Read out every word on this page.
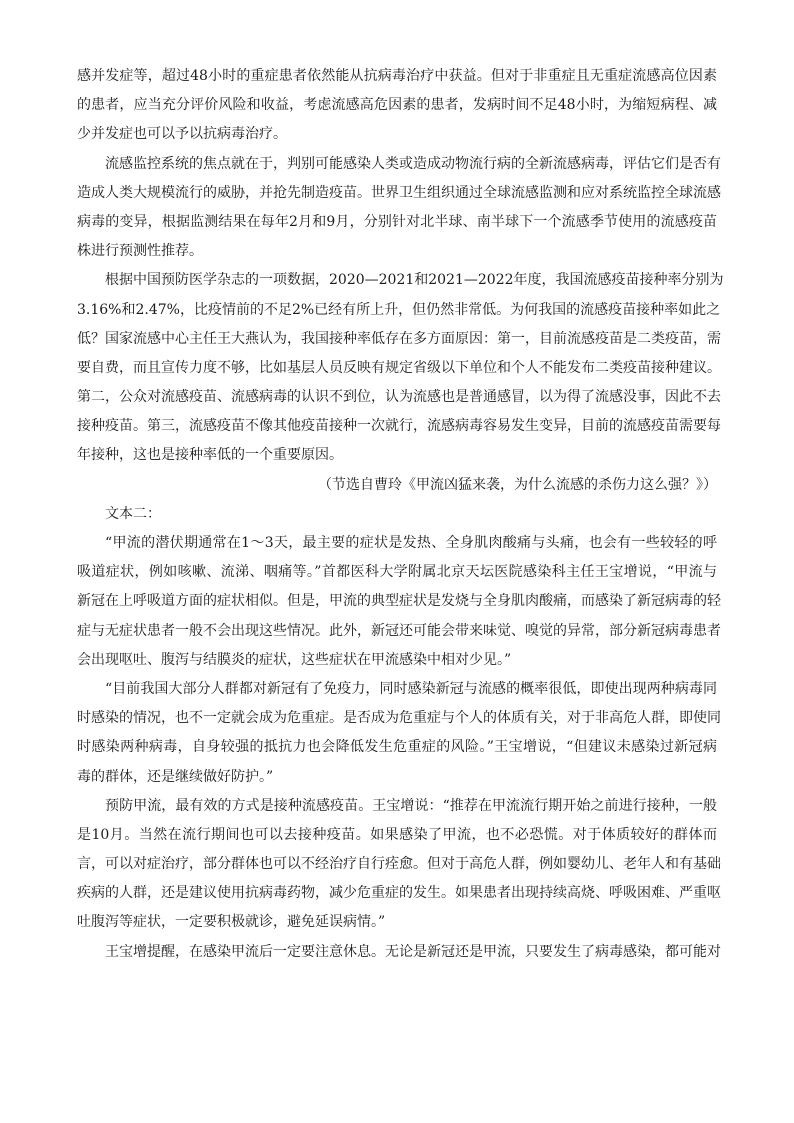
感并发症等，超过48小时的重症患者依然能从抗病毒治疗中获益。但对于非重症且无重症流感高位因素
的患者，应当充分评价风险和收益，考虑流感高危因素的患者，发病时间不足48小时，为缩短病程、减
少并发症也可以予以抗病毒治疗。
流感监控系统的焦点就在于，判别可能感染人类或造成动物流行病的全新流感病毒，评估它们是否有
造成人类大规模流行的威胁，并抢先制造疫苗。世界卫生组织通过全球流感监测和应对系统监控全球流感
病毒的变异，根据监测结果在每年2月和9月，分别针对北半球、南半球下一个流感季节使用的流感疫苗
株进行预测性推荐。
根据中国预防医学杂志的一项数据，2020—2021和2021—2022年度，我国流感疫苗接种率分别为
3.16%和2.47%，比疫情前的不足2%已经有所上升，但仍然非常低。为何我国的流感疫苗接种率如此之
低？国家流感中心主任王大燕认为，我国接种率低存在多方面原因：第一，目前流感疫苗是二类疫苗，需
要自费，而且宣传力度不够，比如基层人员反映有规定省级以下单位和个人不能发布二类疫苗接种建议。
第二，公众对流感疫苗、流感病毒的认识不到位，认为流感也是普通感冒，以为得了流感没事，因此不去
接种疫苗。第三，流感疫苗不像其他疫苗接种一次就行，流感病毒容易发生变异，目前的流感疫苗需要每
年接种，这也是接种率低的一个重要原因。
（节选自曹玲《甲流凶猛来袭，为什么流感的杀伤力这么强？》）
文本二：
“甲流的潜伏期通常在1～3天，最主要的症状是发热、全身肌肉酸痛与头痛，也会有一些较轻的呼
吸道症状，例如咳嗽、流涕、咽痛等。”首都医科大学附属北京天坛医院感染科主任王宝增说，“甲流与
新冠在上呼吸道方面的症状相似。但是，甲流的典型症状是发烧与全身肌肉酸痛，而感染了新冠病毒的轻
症与无症状患者一般不会出现这些情况。此外，新冠还可能会带来味觉、嗅觉的异常，部分新冠病毒患者
会出现呕吐、腹泻与结膜炎的症状，这些症状在甲流感染中相对少见。”
“目前我国大部分人群都对新冠有了免疫力，同时感染新冠与流感的概率很低，即使出现两种病毒同
时感染的情况，也不一定就会成为危重症。是否成为危重症与个人的体质有关，对于非高危人群，即使同
时感染两种病毒，自身较强的抵抗力也会降低发生危重症的风险。”王宝增说，“但建议未感染过新冠病
毒的群体，还是继续做好防护。”
预防甲流，最有效的方式是接种流感疫苗。王宝增说：“推荐在甲流流行期开始之前进行接种，一般
是10月。当然在流行期间也可以去接种疫苗。如果感染了甲流，也不必恐慌。对于体质较好的群体而
言，可以对症治疗，部分群体也可以不经治疗自行痊愈。但对于高危人群，例如婴幼儿、老年人和有基础
疾病的人群，还是建议使用抗病毒药物，减少危重症的发生。如果患者出现持续高烧、呼吸困难、严重呕
吐腹泻等症状，一定要积极就诊，避免延误病情。”
王宝增提醒，在感染甲流后一定要注意休息。无论是新冠还是甲流，只要发生了病毒感染，都可能对
